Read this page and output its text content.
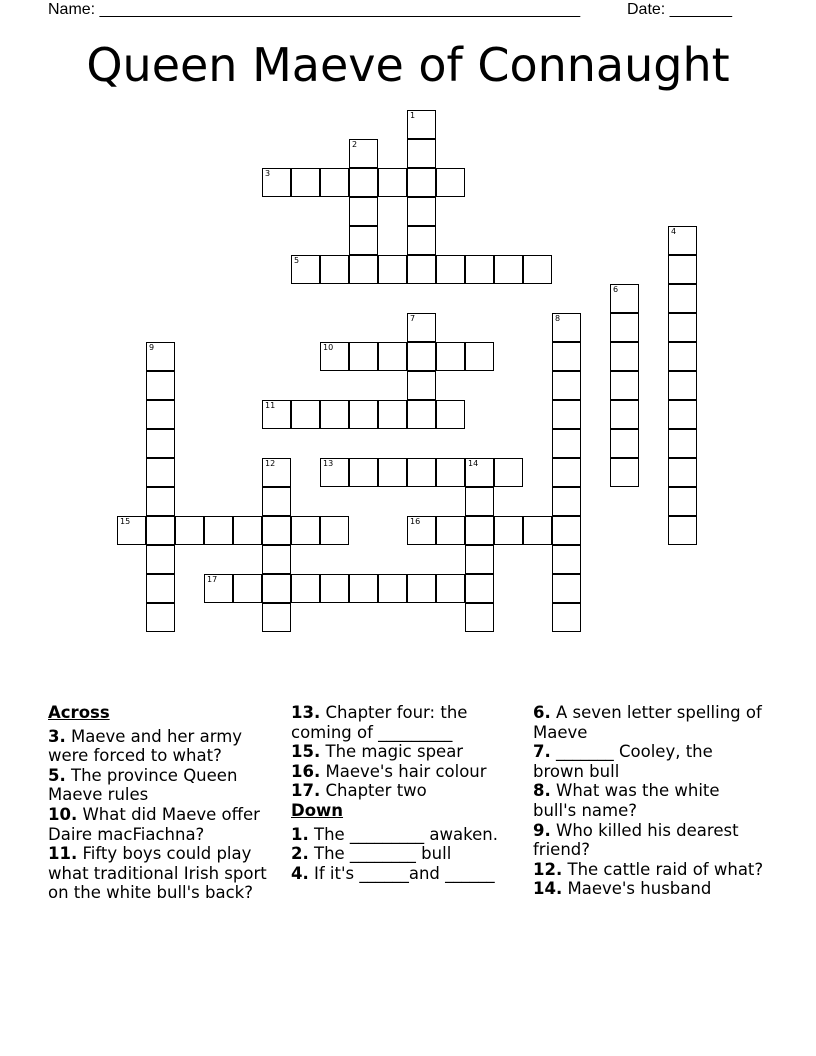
Name: ______________________________________________________	Date: _______
Queen Maeve of Connaught
1
2
3
4
5
6
7	8
9	10
11
12	13	14
15	16
17
Across
3. Maeve and her army were forced to what?
5. The province Queen Maeve rules
10. What did Maeve offer Daire macFiachna?
11. Fifty boys could play what traditional Irish sport on the white bull's back?
13. Chapter four: the coming of _________
15. The magic spear
16. Maeve's hair colour
17. Chapter two
Down
1. The _________ awaken.
2. The ________ bull
4. If it's ______and ______
6. A seven letter spelling of Maeve
7. _______ Cooley, the brown bull
8. What was the white bull's name?
9. Who killed his dearest friend?
12. The cattle raid of what?
14. Maeve's husband
